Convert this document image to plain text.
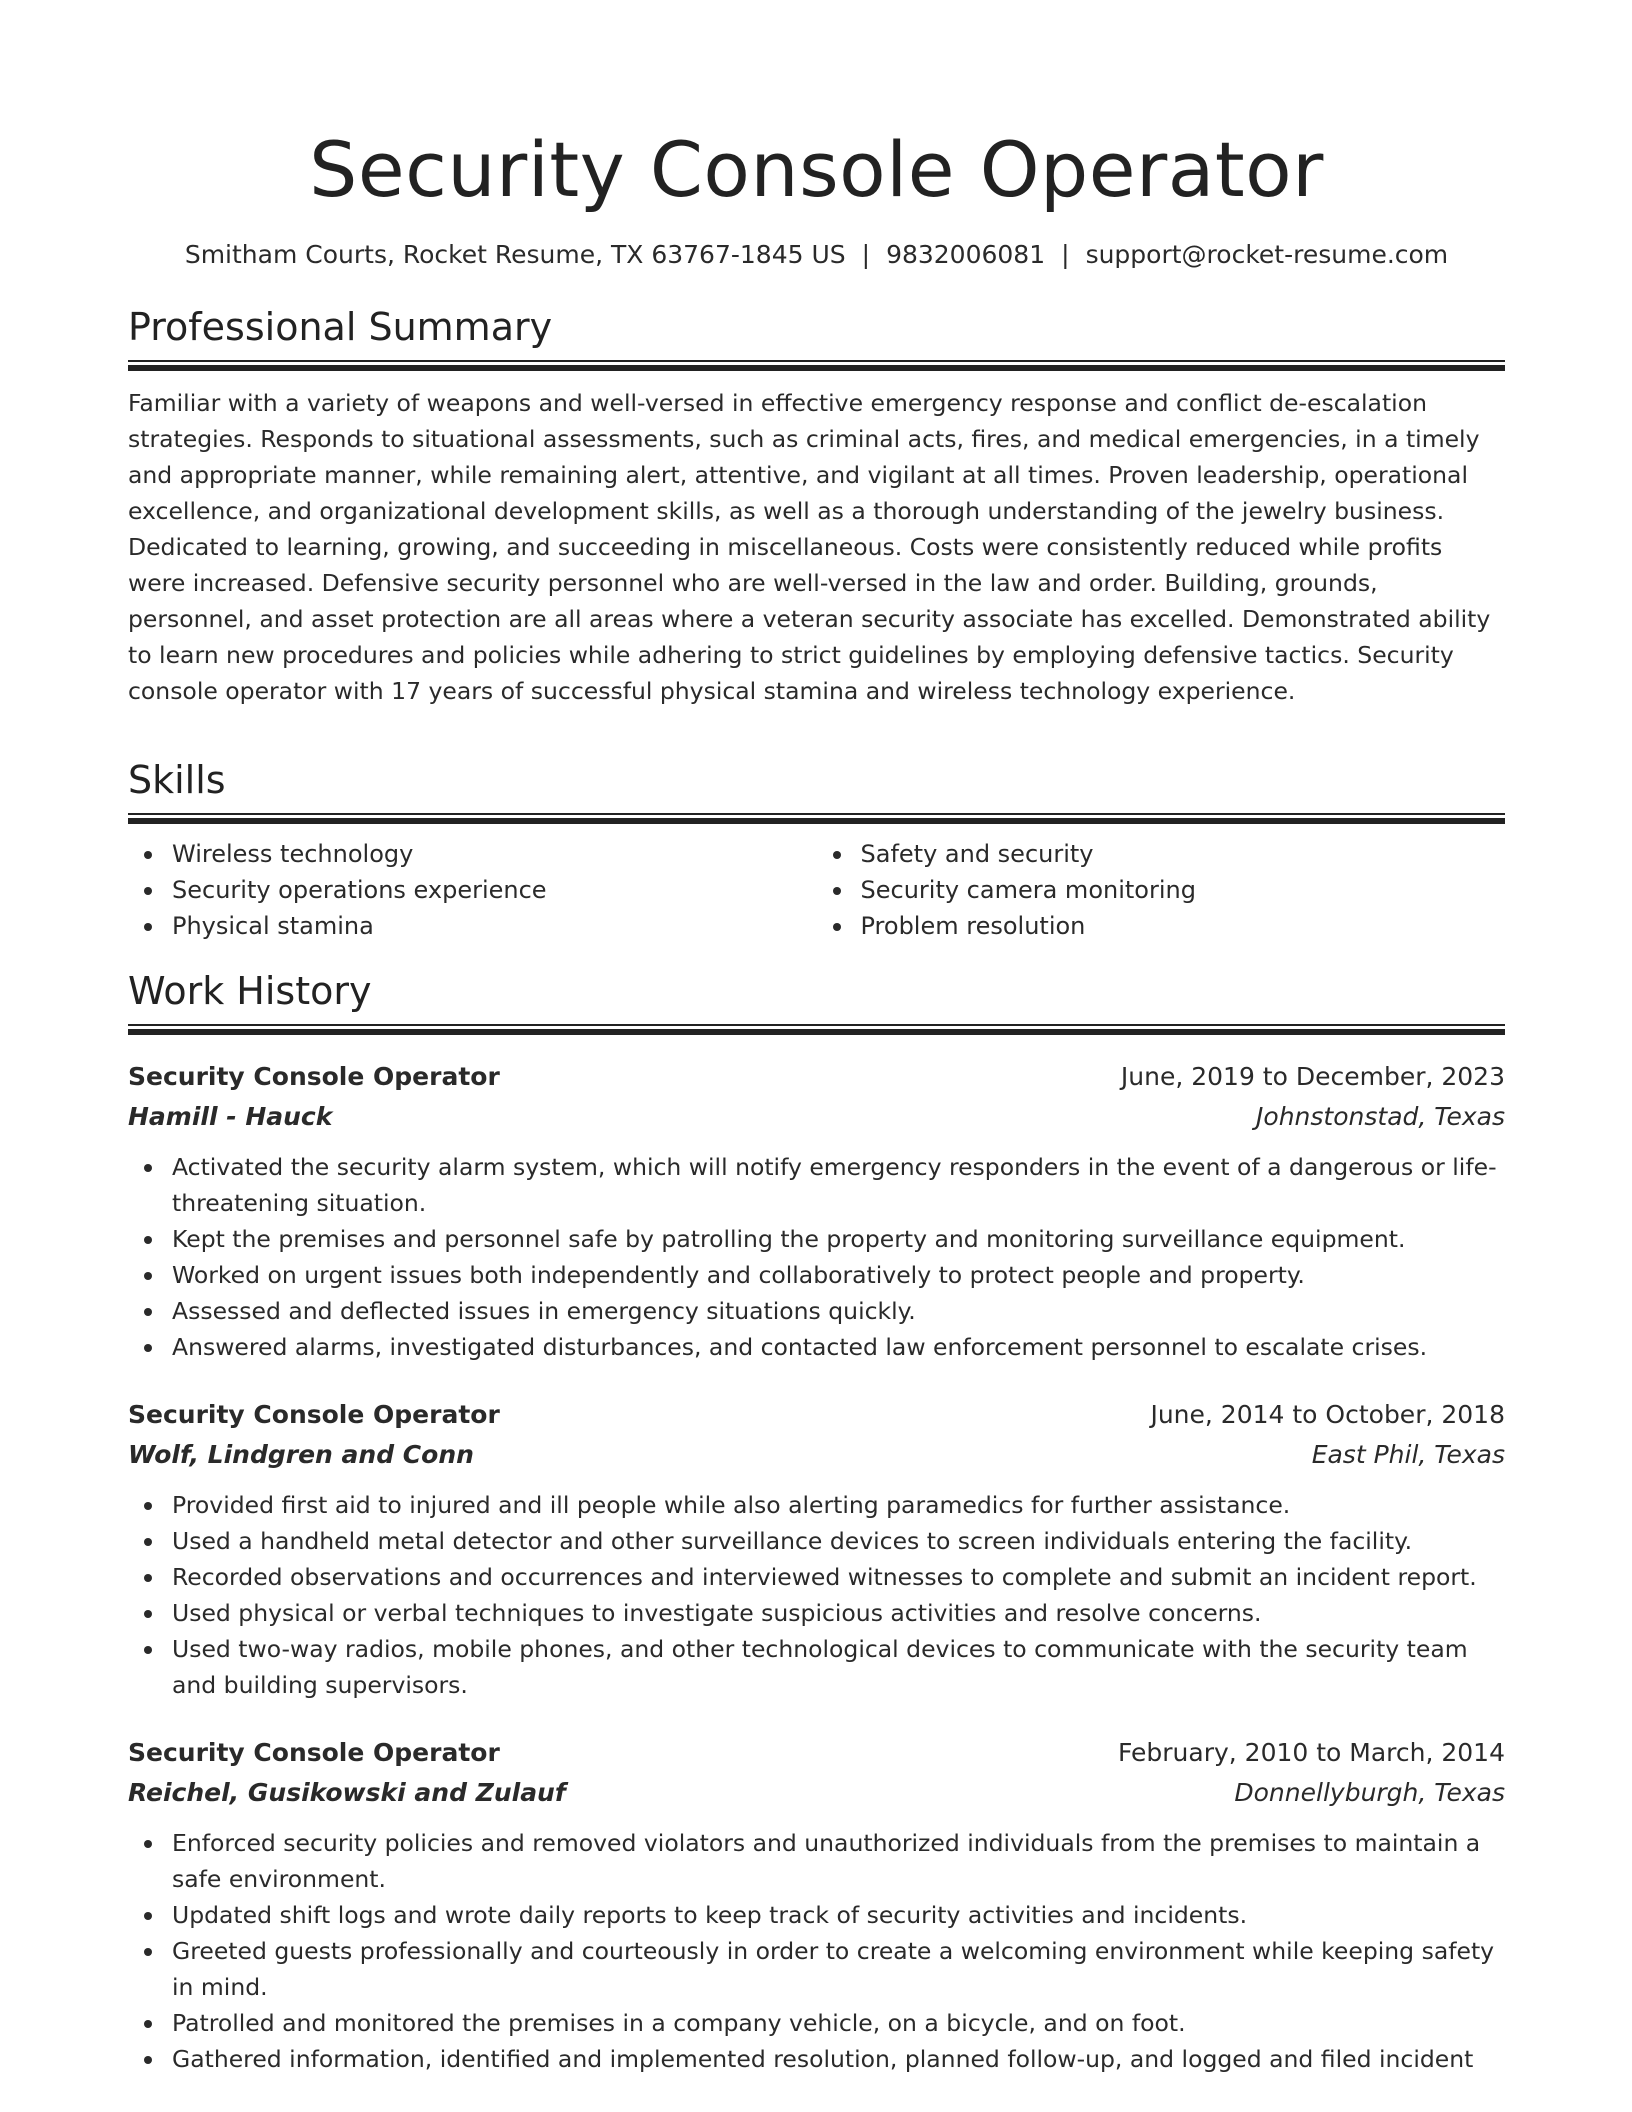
Security Console Operator
Smitham Courts, Rocket Resume, TX 63767-1845 US | 9832006081 | support@rocket-resume.com
Professional Summary

Familiar with a variety of weapons and well-versed in effective emergency response and conflict de-escalation strategies. Responds to situational assessments, such as criminal acts, fires, and medical emergencies, in a timely and appropriate manner, while remaining alert, attentive, and vigilant at all times. Proven leadership, operational excellence, and organizational development skills, as well as a thorough understanding of the jewelry business. Dedicated to learning, growing, and succeeding in miscellaneous. Costs were consistently reduced while profits were increased. Defensive security personnel who are well-versed in the law and order. Building, grounds, personnel, and asset protection are all areas where a veteran security associate has excelled. Demonstrated ability to learn new procedures and policies while adhering to strict guidelines by employing defensive tactics. Security console operator with 17 years of successful physical stamina and wireless technology experience.

Skills
Wireless technology
Security operations experience
Physical stamina
Safety and security
Security camera monitoring
Problem resolution
Work History
Security Console Operator	June, 2019 to December, 2023
Hamill - Hauck	Johnstonstad, Texas
Activated the security alarm system, which will notify emergency responders in the event of a dangerous or life-threatening situation.
Kept the premises and personnel safe by patrolling the property and monitoring surveillance equipment.
Worked on urgent issues both independently and collaboratively to protect people and property.
Assessed and deflected issues in emergency situations quickly.
Answered alarms, investigated disturbances, and contacted law enforcement personnel to escalate crises.
Security Console Operator	June, 2014 to October, 2018
Wolf, Lindgren and Conn	East Phil, Texas
Provided first aid to injured and ill people while also alerting paramedics for further assistance.
Used a handheld metal detector and other surveillance devices to screen individuals entering the facility.
Recorded observations and occurrences and interviewed witnesses to complete and submit an incident report.
Used physical or verbal techniques to investigate suspicious activities and resolve concerns.
Used two-way radios, mobile phones, and other technological devices to communicate with the security team and building supervisors.
Security Console Operator	February, 2010 to March, 2014
Reichel, Gusikowski and Zulauf	Donnellyburgh, Texas
Enforced security policies and removed violators and unauthorized individuals from the premises to maintain a safe environment.
Updated shift logs and wrote daily reports to keep track of security activities and incidents.
Greeted guests professionally and courteously in order to create a welcoming environment while keeping safety in mind.
Patrolled and monitored the premises in a company vehicle, on a bicycle, and on foot.
Gathered information, identified and implemented resolution, planned follow-up, and logged and filed incident
